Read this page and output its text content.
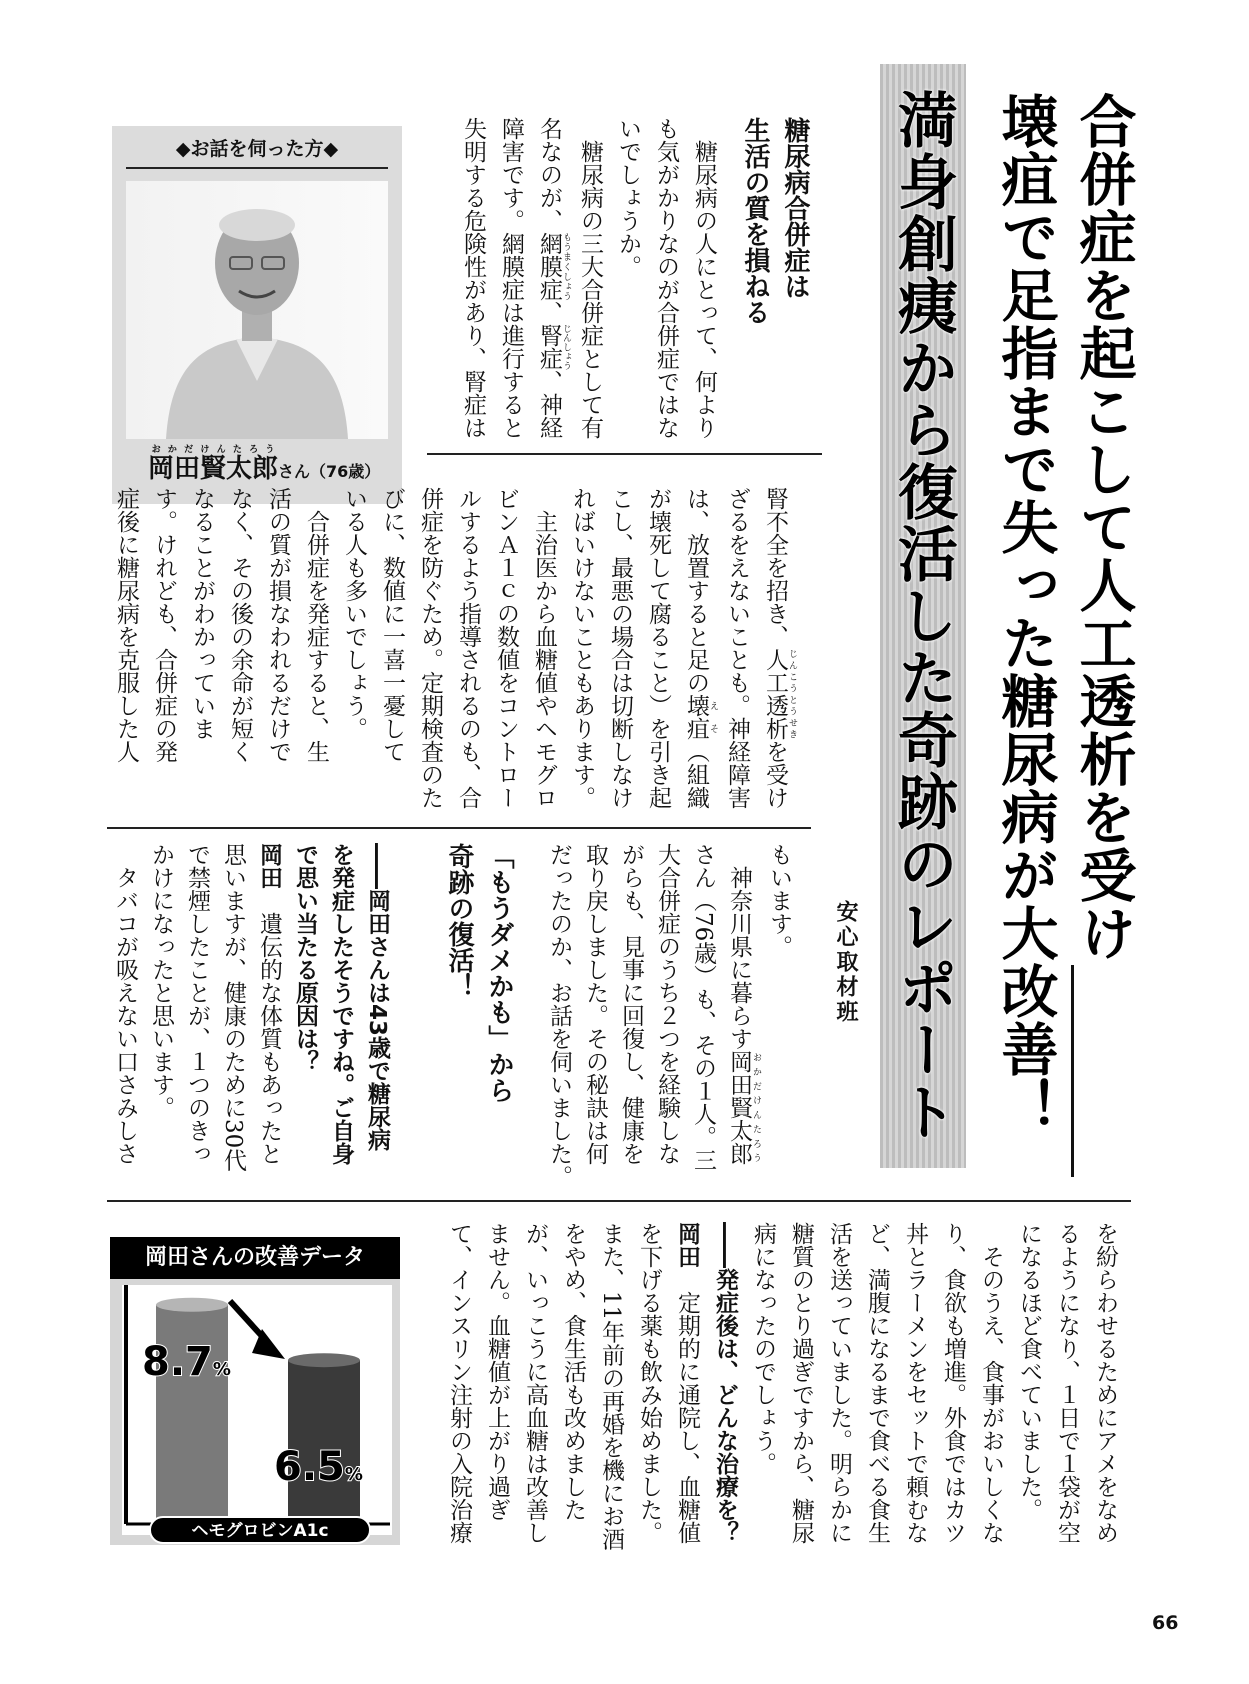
合併症を起こして人工透析を受け
壊疽で足指まで失った糖尿病が大改善！
満身創痍から復活した奇跡のレポート
安心取材班
◆お話を伺った方◆
岡田賢太郎おかだけんたろうさん（76歳）
糖尿病合併症は
生活の質を損ねる
　糖尿病の人にとって、何より
も気がかりなのが合併症ではな
いでしょうか。
　糖尿病の三大合併症として有
名なのが、網膜症 もうまくしょう、腎症 じんしょう、神経
障害です。網膜症は進行すると
失明する危険性があり、腎症は
腎不全を招き、人工透析 じんこうとうせきを受け
ざるをえないことも。神経障害
は、放置すると足の壊疽 えそ（組織
が壊死して腐ること）を引き起
こし、最悪の場合は切断しなけ
ればいけないこともあります。
　主治医から血糖値やヘモグロ
ビンＡ１ｃの数値をコントロー
ルするよう指導されるのも、合
併症を防ぐため。定期検査のた
びに、数値に一喜一憂して
いる人も多いでしょう。
　合併症を発症すると、生
活の質が損なわれるだけで
なく、その後の余命が短く
なることがわかっていま
す。けれども、合併症の発
症後に糖尿病を克服した人
もいます。
　神奈川県に暮らす岡田賢太郎 おかだけんたろう
さん（76歳）も、その１人。三
大合併症のうち２つを経験しな
がらも、見事に回復し、健康を
取り戻しました。その秘訣は何
だったのか、お話を伺いました。
「もうダメかも」から
奇跡の復活！
――岡田さんは43歳で糖尿病
を発症したそうですね。ご自身
で思い当たる原因は？
岡田　遺伝的な体質もあったと
思いますが、健康のために30代
で禁煙したことが、１つのきっ
かけになったと思います。
　タバコが吸えない口さみしさ
を紛らわせるためにアメをなめ
るようになり、１日で１袋が空
になるほど食べていました。
　そのうえ、食事がおいしくな
り、食欲も増進。外食ではカツ
丼とラーメンをセットで頼むな
ど、満腹になるまで食べる食生
活を送っていました。明らかに
糖質のとり過ぎですから、糖尿
病になったのでしょう。
――発症後は、どんな治療を？
岡田　定期的に通院し、血糖値
を下げる薬も飲み始めました。
また、11年前の再婚を機にお酒
をやめ、食生活も改めました
が、いっこうに高血糖は改善し
ません。血糖値が上がり過ぎ
て、インスリン注射の入院治療
岡田さんの改善データ
8.7%
6.5%
ヘモグロビンA1c
66
